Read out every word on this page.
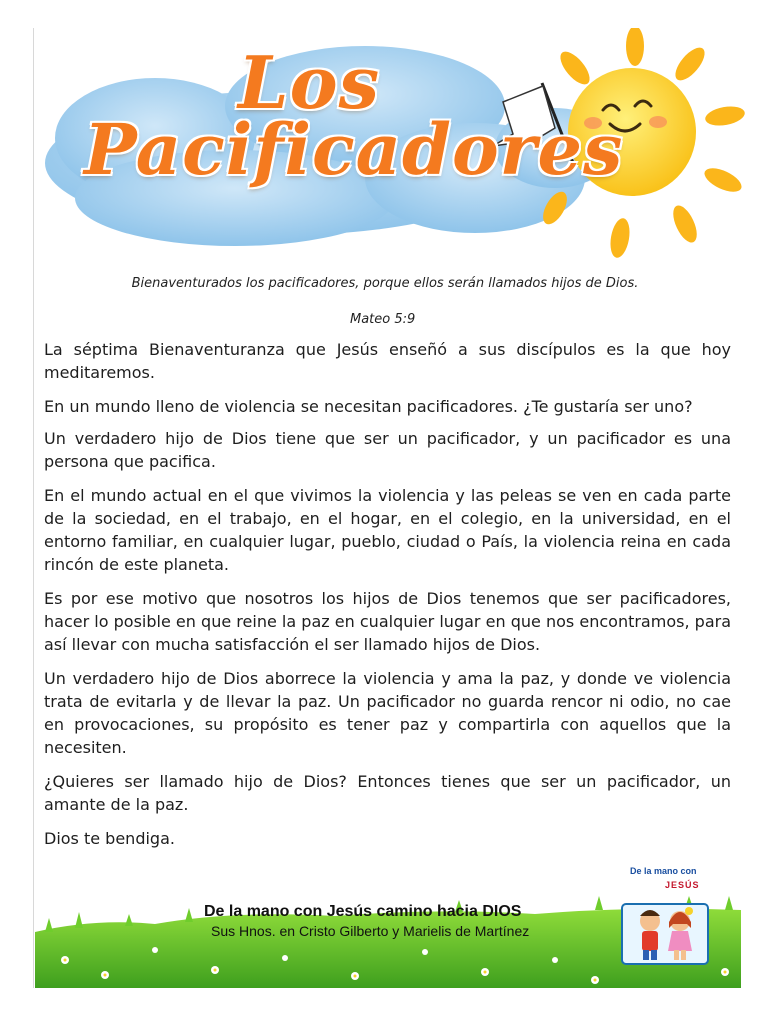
Los
Pacificadores
Bienaventurados los pacificadores, porque ellos serán llamados hijos de Dios.
Mateo 5:9

La séptima Bienaventuranza que Jesús enseñó a sus discípulos es la que hoy meditaremos.

En un mundo lleno de violencia se necesitan pacificadores. ¿Te gustaría ser uno?

Un verdadero hijo de Dios tiene que ser un pacificador, y un pacificador es una persona que pacifica.

En el mundo actual en el que vivimos la violencia y las peleas se ven en cada parte de la sociedad, en el trabajo, en el hogar, en el colegio, en la universidad, en el entorno familiar, en cualquier lugar, pueblo, ciudad o País, la violencia reina en cada rincón de este planeta.

Es por ese motivo que nosotros los hijos de Dios tenemos que ser pacificadores, hacer lo posible en que reine la paz en cualquier lugar en que nos encontramos, para así llevar con mucha satisfacción el ser llamado hijos de Dios.

Un verdadero hijo de Dios aborrece la violencia y ama la paz, y donde ve violencia trata de evitarla y de llevar la paz. Un pacificador no guarda rencor ni odio, no cae en provocaciones, su propósito es tener paz y compartirla con aquellos que la necesiten.

¿Quieres ser llamado hijo de Dios? Entonces tienes que ser un pacificador, un amante de la paz.

Dios te bendiga.

De la mano con Jesús camino hacia DIOS
Sus Hnos. en Cristo Gilberto y Marielis de Martínez
De la mano con
JESÚS
